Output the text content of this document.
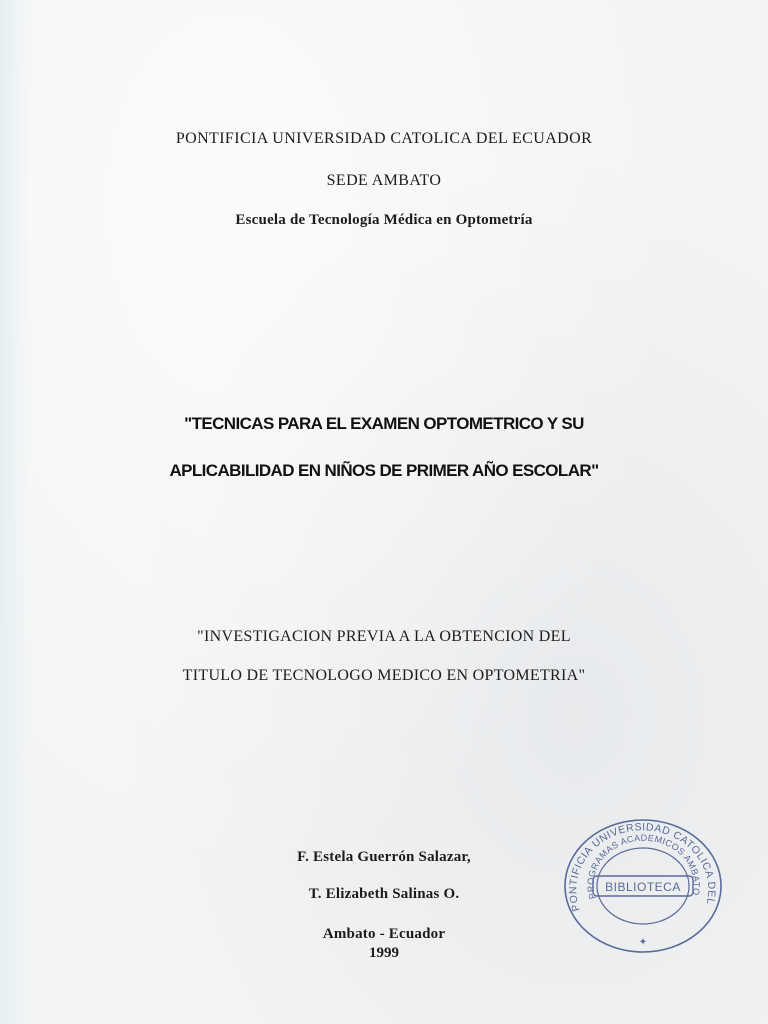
PONTIFICIA UNIVERSIDAD CATOLICA DEL ECUADOR
SEDE AMBATO
Escuela de Tecnología Médica en Optometría
"TECNICAS PARA EL EXAMEN OPTOMETRICO Y SU
APLICABILIDAD EN NIÑOS DE PRIMER AÑO ESCOLAR"
"INVESTIGACION PREVIA A LA OBTENCION DEL
TITULO DE TECNOLOGO MEDICO EN OPTOMETRIA"
F. Estela Guerrón Salazar,
T. Elizabeth Salinas O.
Ambato - Ecuador
1999
PONTIFICIA UNIVERSIDAD CATOLICA DEL
PROGRAMAS ACADEMICOS AMBATO
BIBLIOTECA
✦
